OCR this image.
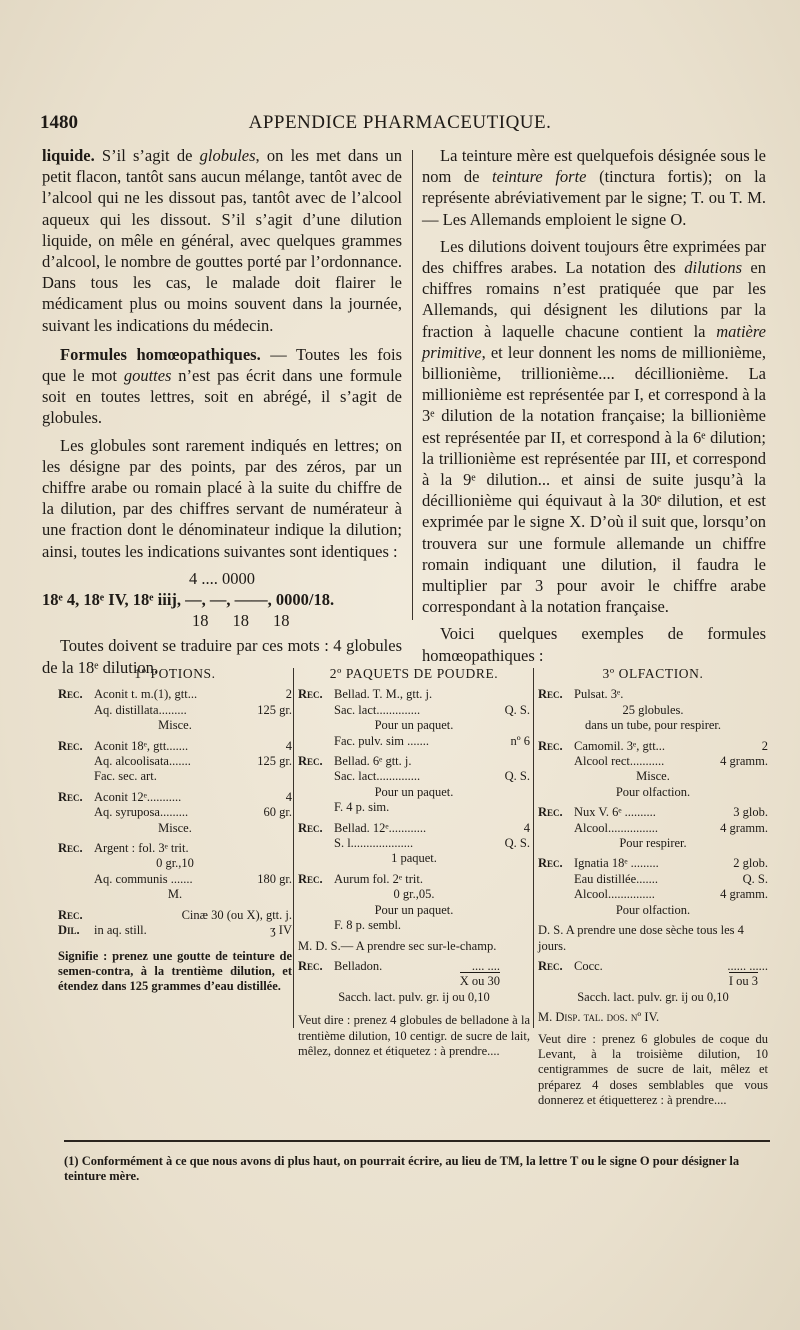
1480	APPENDICE PHARMACEUTIQUE.

liquide. S’il s’agit de globules, on les met dans un petit flacon, tantôt sans aucun mélange, tantôt avec de l’alcool qui ne les dissout pas, tantôt avec de l’alcool aqueux qui les dissout. S’il s’agit d’une dilution liquide, on mêle en général, avec quelques grammes d’alcool, le nombre de gouttes porté par l’ordonnance. Dans tous les cas, le malade doit flairer le médicament plus ou moins souvent dans la journée, suivant les indications du médecin.

Formules homœopathiques. — Toutes les fois que le mot gouttes n’est pas écrit dans une formule soit en toutes lettres, soit en abrégé, il s’agit de globules.

Les globules sont rarement indiqués en lettres; on les désigne par des points, par des zéros, par un chiffre arabe ou romain placé à la suite du chiffre de la dilution, par des chiffres servant de numérateur à une fraction dont le dénominateur indique la dilution; ainsi, toutes les indications suivantes sont identiques :

4 .... 0000
18ᵉ 4, 18ᵉ IV, 18ᵉ iiij, —, —, ——, 0000/18.
18 18 18

Toutes doivent se traduire par ces mots : 4 globules de la 18ᵉ dilution.

La teinture mère est quelquefois désignée sous le nom de teinture forte (tinctura fortis); on la représente abréviativement par le signe; T. ou T. M. — Les Allemands emploient le signe O.

Les dilutions doivent toujours être exprimées par des chiffres arabes. La notation des dilutions en chiffres romains n’est pratiquée que par les Allemands, qui désignent les dilutions par la fraction à laquelle chacune contient la matière primitive, et leur donnent les noms de millionième, billionième, trillionième.... décillionième. La millionième est représentée par I, et correspond à la 3ᵉ dilution de la notation française; la billionième est représentée par II, et correspond à la 6ᵉ dilution; la trillionième est représentée par III, et correspond à la 9ᵉ dilution... et ainsi de suite jusqu’à la décillionième qui équivaut à la 30ᵉ dilution, et est exprimée par le signe X. D’où il suit que, lorsqu’on trouvera sur une formule allemande un chiffre romain indiquant une dilution, il faudra le multiplier par 3 pour avoir le chiffre arabe correspondant à la notation française.

Voici quelques exemples de formules homœopathiques :

1º POTIONS.
Rec. Aconit t. m.(1), gtt...	2
Aq. distillata.........	125 gr.
Misce.
Rec. Aconit 18ᵉ, gtt.......	4
Aq. alcoolisata.......	125 gr.
Fac. sec. art.
Rec. Aconit 12ᵉ...........	4
Aq. syruposa.........	60 gr.
Misce.
Rec. Argent : fol. 3ᵉ trit.
0 gr.,10
Aq. communis .......	180 gr.
M.
Rec.	Cinæ 30 (ou X), gtt. j.
Dil. in aq. still.	ʒ IV
Signifie : prenez une goutte de teinture de semen-contra, à la trentième dilution, et étendez dans 125 grammes d’eau distillée.
2º PAQUETS DE POUDRE.
Rec. Bellad. T. M., gtt. j.
Sac. lact..............	Q. S.
Pour un paquet.
Fac. pulv. sim .......	nº 6
Rec. Bellad. 6ᵉ gtt. j.
Sac. lact..............	Q. S.
Pour un paquet.
F. 4 p. sim.
Rec. Bellad. 12ᵉ............	4
S. l....................	Q. S.
1 paquet.
Rec. Aurum fol. 2ᵉ trit.
0 gr.,05.
Pour un paquet.
F. 8 p. sembl.
M. D. S.— A prendre sec sur-le-champ.
Rec. Belladon.	.... ....
X ou 30
Sacch. lact. pulv. gr. ij ou 0,10
Veut dire : prenez 4 globules de belladone à la trentième dilution, 10 centigr. de sucre de lait, mêlez, donnez et étiquetez : à prendre....
3º OLFACTION.
Rec. Pulsat. 3ᵉ.
25 globules.
dans un tube, pour respirer.
Rec. Camomil. 3ᵉ, gtt...	2
Alcool rect...........	4 gramm.
Misce.
Pour olfaction.
Rec. Nux V. 6ᵉ ..........	3 glob.
Alcool................	4 gramm.
Pour respirer.
Rec. Ignatia 18ᵉ .........	2 glob.
Eau distillée.......	Q. S.
Alcool...............	4 gramm.
Pour olfaction.
D. S. A prendre une dose sèche tous les 4 jours.
Rec. Cocc.	...... ......
I ou 3
Sacch. lact. pulv. gr. ij ou 0,10
M. Disp. tal. dos. nº IV.
Veut dire : prenez 6 globules de coque du Levant, à la troisième dilution, 10 centigrammes de sucre de lait, mêlez et préparez 4 doses semblables que vous donnerez et étiquetterez : à prendre....
(1) Conformément à ce que nous avons di plus haut, on pourrait écrire, au lieu de TM, la lettre T ou le signe O pour désigner la teinture mère.
